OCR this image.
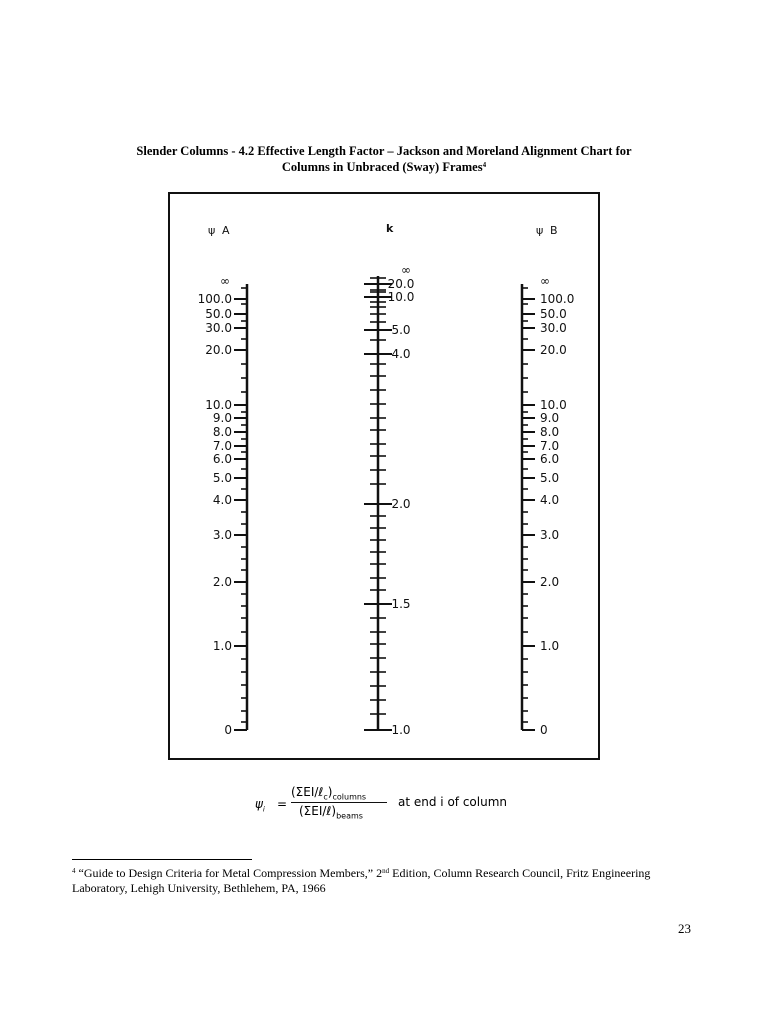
Slender Columns - 4.2 Effective Length Factor – Jackson and Moreland Alignment Chart for
Columns in Unbraced (Sway) Frames$^4$
ψ A	k	ψ B
∞
100.0
50.0
30.0
20.0
10.0
9.0
8.0
7.0
6.0
5.0
4.0
3.0
2.0
1.0
0
∞
100.0
50.0
30.0
20.0
10.0
9.0
8.0
7.0
6.0
5.0
4.0
3.0
2.0
1.0
0
∞
20.0
10.0
5.0
4.0
2.0
1.5
1.0
$\psi_i$ =
$(\Sigma EI/\ell_c)_{columns}$
$(\Sigma EI/\ell)_{beams}$
at end i of column
$^4$ “Guide to Design Criteria for Metal Compression Members,” 2nd Edition, Column Research Council, Fritz Engineering Laboratory, Lehigh University, Bethlehem, PA, 1966
23
